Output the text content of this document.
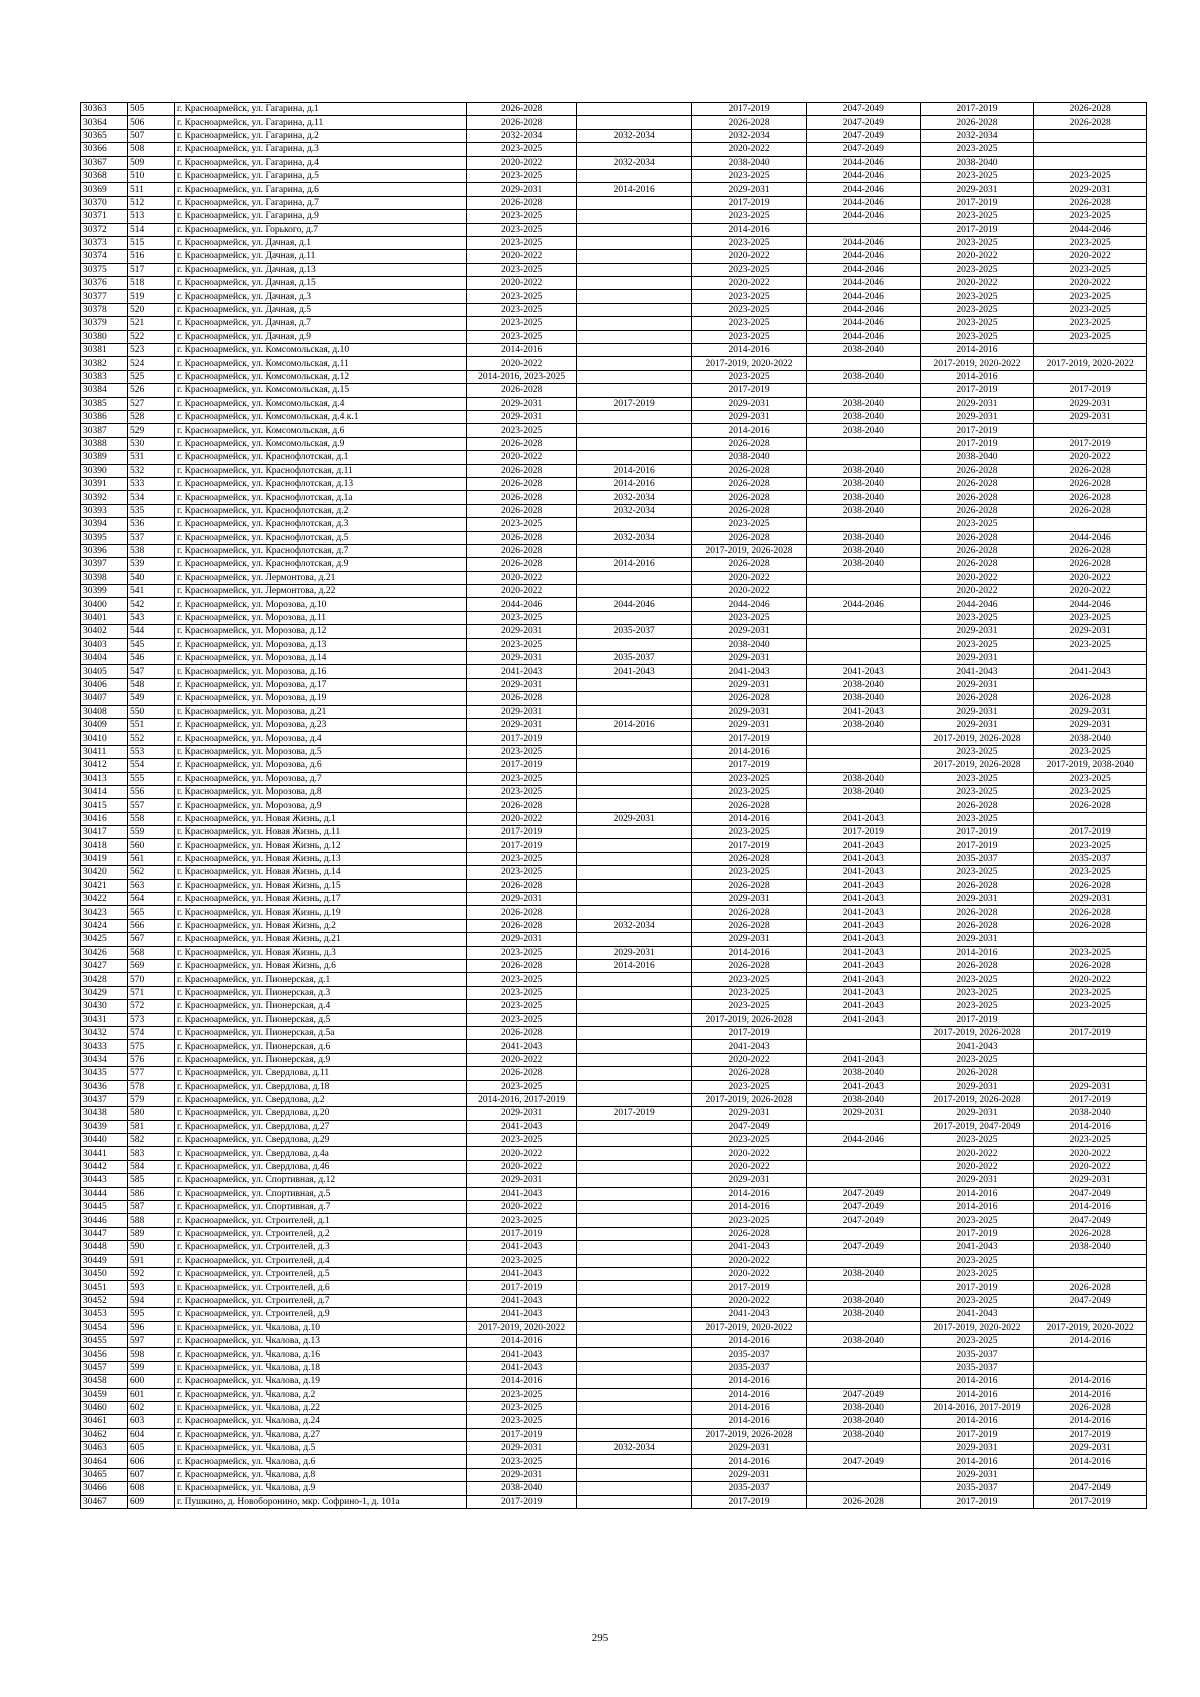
30363	505	г. Красноармейск, ул. Гагарина, д.1	2026-2028		2017-2019	2047-2049	2017-2019	2026-2028
30364	506	г. Красноармейск, ул. Гагарина, д.11	2026-2028		2026-2028	2047-2049	2026-2028	2026-2028
30365	507	г. Красноармейск, ул. Гагарина, д.2	2032-2034	2032-2034	2032-2034	2047-2049	2032-2034	
30366	508	г. Красноармейск, ул. Гагарина, д.3	2023-2025		2020-2022	2047-2049	2023-2025	
30367	509	г. Красноармейск, ул. Гагарина, д.4	2020-2022	2032-2034	2038-2040	2044-2046	2038-2040	
30368	510	г. Красноармейск, ул. Гагарина, д.5	2023-2025		2023-2025	2044-2046	2023-2025	2023-2025
30369	511	г. Красноармейск, ул. Гагарина, д.6	2029-2031	2014-2016	2029-2031	2044-2046	2029-2031	2029-2031
30370	512	г. Красноармейск, ул. Гагарина, д.7	2026-2028		2017-2019	2044-2046	2017-2019	2026-2028
30371	513	г. Красноармейск, ул. Гагарина, д.9	2023-2025		2023-2025	2044-2046	2023-2025	2023-2025
30372	514	г. Красноармейск, ул. Горького, д.7	2023-2025		2014-2016		2017-2019	2044-2046
30373	515	г. Красноармейск, ул. Дачная, д.1	2023-2025		2023-2025	2044-2046	2023-2025	2023-2025
30374	516	г. Красноармейск, ул. Дачная, д.11	2020-2022		2020-2022	2044-2046	2020-2022	2020-2022
30375	517	г. Красноармейск, ул. Дачная, д.13	2023-2025		2023-2025	2044-2046	2023-2025	2023-2025
30376	518	г. Красноармейск, ул. Дачная, д.15	2020-2022		2020-2022	2044-2046	2020-2022	2020-2022
30377	519	г. Красноармейск, ул. Дачная, д.3	2023-2025		2023-2025	2044-2046	2023-2025	2023-2025
30378	520	г. Красноармейск, ул. Дачная, д.5	2023-2025		2023-2025	2044-2046	2023-2025	2023-2025
30379	521	г. Красноармейск, ул. Дачная, д.7	2023-2025		2023-2025	2044-2046	2023-2025	2023-2025
30380	522	г. Красноармейск, ул. Дачная, д.9	2023-2025		2023-2025	2044-2046	2023-2025	2023-2025
30381	523	г. Красноармейск, ул. Комсомольская, д.10	2014-2016		2014-2016	2038-2040	2014-2016	
30382	524	г. Красноармейск, ул. Комсомольская, д.11	2020-2022		2017-2019, 2020-2022		2017-2019, 2020-2022	2017-2019, 2020-2022
30383	525	г. Красноармейск, ул. Комсомольская, д.12	2014-2016, 2023-2025		2023-2025	2038-2040	2014-2016	
30384	526	г. Красноармейск, ул. Комсомольская, д.15	2026-2028		2017-2019		2017-2019	2017-2019
30385	527	г. Красноармейск, ул. Комсомольская, д.4	2029-2031	2017-2019	2029-2031	2038-2040	2029-2031	2029-2031
30386	528	г. Красноармейск, ул. Комсомольская, д.4 к.1	2029-2031		2029-2031	2038-2040	2029-2031	2029-2031
30387	529	г. Красноармейск, ул. Комсомольская, д.6	2023-2025		2014-2016	2038-2040	2017-2019	
30388	530	г. Красноармейск, ул. Комсомольская, д.9	2026-2028		2026-2028		2017-2019	2017-2019
30389	531	г. Красноармейск, ул. Краснофлотская, д.1	2020-2022		2038-2040		2038-2040	2020-2022
30390	532	г. Красноармейск, ул. Краснофлотская, д.11	2026-2028	2014-2016	2026-2028	2038-2040	2026-2028	2026-2028
30391	533	г. Красноармейск, ул. Краснофлотская, д.13	2026-2028	2014-2016	2026-2028	2038-2040	2026-2028	2026-2028
30392	534	г. Красноармейск, ул. Краснофлотская, д.1а	2026-2028	2032-2034	2026-2028	2038-2040	2026-2028	2026-2028
30393	535	г. Красноармейск, ул. Краснофлотская, д.2	2026-2028	2032-2034	2026-2028	2038-2040	2026-2028	2026-2028
30394	536	г. Красноармейск, ул. Краснофлотская, д.3	2023-2025		2023-2025		2023-2025	
30395	537	г. Красноармейск, ул. Краснофлотская, д.5	2026-2028	2032-2034	2026-2028	2038-2040	2026-2028	2044-2046
30396	538	г. Красноармейск, ул. Краснофлотская, д.7	2026-2028		2017-2019, 2026-2028	2038-2040	2026-2028	2026-2028
30397	539	г. Красноармейск, ул. Краснофлотская, д.9	2026-2028	2014-2016	2026-2028	2038-2040	2026-2028	2026-2028
30398	540	г. Красноармейск, ул. Лермонтова, д.21	2020-2022		2020-2022		2020-2022	2020-2022
30399	541	г. Красноармейск, ул. Лермонтова, д.22	2020-2022		2020-2022		2020-2022	2020-2022
30400	542	г. Красноармейск, ул. Морозова, д.10	2044-2046	2044-2046	2044-2046	2044-2046	2044-2046	2044-2046
30401	543	г. Красноармейск, ул. Морозова, д.11	2023-2025		2023-2025		2023-2025	2023-2025
30402	544	г. Красноармейск, ул. Морозова, д.12	2029-2031	2035-2037	2029-2031		2029-2031	2029-2031
30403	545	г. Красноармейск, ул. Морозова, д.13	2023-2025		2038-2040		2023-2025	2023-2025
30404	546	г. Красноармейск, ул. Морозова, д.14	2029-2031	2035-2037	2029-2031		2029-2031	
30405	547	г. Красноармейск, ул. Морозова, д.16	2041-2043	2041-2043	2041-2043	2041-2043	2041-2043	2041-2043
30406	548	г. Красноармейск, ул. Морозова, д.17	2029-2031		2029-2031	2038-2040	2029-2031	
30407	549	г. Красноармейск, ул. Морозова, д.19	2026-2028		2026-2028	2038-2040	2026-2028	2026-2028
30408	550	г. Красноармейск, ул. Морозова, д.21	2029-2031		2029-2031	2041-2043	2029-2031	2029-2031
30409	551	г. Красноармейск, ул. Морозова, д.23	2029-2031	2014-2016	2029-2031	2038-2040	2029-2031	2029-2031
30410	552	г. Красноармейск, ул. Морозова, д.4	2017-2019		2017-2019		2017-2019, 2026-2028	2038-2040
30411	553	г. Красноармейск, ул. Морозова, д.5	2023-2025		2014-2016		2023-2025	2023-2025
30412	554	г. Красноармейск, ул. Морозова, д.6	2017-2019		2017-2019		2017-2019, 2026-2028	2017-2019, 2038-2040
30413	555	г. Красноармейск, ул. Морозова, д.7	2023-2025		2023-2025	2038-2040	2023-2025	2023-2025
30414	556	г. Красноармейск, ул. Морозова, д.8	2023-2025		2023-2025	2038-2040	2023-2025	2023-2025
30415	557	г. Красноармейск, ул. Морозова, д.9	2026-2028		2026-2028		2026-2028	2026-2028
30416	558	г. Красноармейск, ул. Новая Жизнь, д.1	2020-2022	2029-2031	2014-2016	2041-2043	2023-2025	
30417	559	г. Красноармейск, ул. Новая Жизнь, д.11	2017-2019		2023-2025	2017-2019	2017-2019	2017-2019
30418	560	г. Красноармейск, ул. Новая Жизнь, д.12	2017-2019		2017-2019	2041-2043	2017-2019	2023-2025
30419	561	г. Красноармейск, ул. Новая Жизнь, д.13	2023-2025		2026-2028	2041-2043	2035-2037	2035-2037
30420	562	г. Красноармейск, ул. Новая Жизнь, д.14	2023-2025		2023-2025	2041-2043	2023-2025	2023-2025
30421	563	г. Красноармейск, ул. Новая Жизнь, д.15	2026-2028		2026-2028	2041-2043	2026-2028	2026-2028
30422	564	г. Красноармейск, ул. Новая Жизнь, д.17	2029-2031		2029-2031	2041-2043	2029-2031	2029-2031
30423	565	г. Красноармейск, ул. Новая Жизнь, д.19	2026-2028		2026-2028	2041-2043	2026-2028	2026-2028
30424	566	г. Красноармейск, ул. Новая Жизнь, д.2	2026-2028	2032-2034	2026-2028	2041-2043	2026-2028	2026-2028
30425	567	г. Красноармейск, ул. Новая Жизнь, д.21	2029-2031		2029-2031	2041-2043	2029-2031	
30426	568	г. Красноармейск, ул. Новая Жизнь, д.3	2023-2025	2029-2031	2014-2016	2041-2043	2014-2016	2023-2025
30427	569	г. Красноармейск, ул. Новая Жизнь, д.6	2026-2028	2014-2016	2026-2028	2041-2043	2026-2028	2026-2028
30428	570	г. Красноармейск, ул. Пионерская, д.1	2023-2025		2023-2025	2041-2043	2023-2025	2020-2022
30429	571	г. Красноармейск, ул. Пионерская, д.3	2023-2025		2023-2025	2041-2043	2023-2025	2023-2025
30430	572	г. Красноармейск, ул. Пионерская, д.4	2023-2025		2023-2025	2041-2043	2023-2025	2023-2025
30431	573	г. Красноармейск, ул. Пионерская, д.5	2023-2025		2017-2019, 2026-2028	2041-2043	2017-2019	
30432	574	г. Красноармейск, ул. Пионерская, д.5а	2026-2028		2017-2019		2017-2019, 2026-2028	2017-2019
30433	575	г. Красноармейск, ул. Пионерская, д.6	2041-2043		2041-2043		2041-2043	
30434	576	г. Красноармейск, ул. Пионерская, д.9	2020-2022		2020-2022	2041-2043	2023-2025	
30435	577	г. Красноармейск, ул. Свердлова, д.11	2026-2028		2026-2028	2038-2040	2026-2028	
30436	578	г. Красноармейск, ул. Свердлова, д.18	2023-2025		2023-2025	2041-2043	2029-2031	2029-2031
30437	579	г. Красноармейск, ул. Свердлова, д.2	2014-2016, 2017-2019		2017-2019, 2026-2028	2038-2040	2017-2019, 2026-2028	2017-2019
30438	580	г. Красноармейск, ул. Свердлова, д.20	2029-2031	2017-2019	2029-2031	2029-2031	2029-2031	2038-2040
30439	581	г. Красноармейск, ул. Свердлова, д.27	2041-2043		2047-2049		2017-2019, 2047-2049	2014-2016
30440	582	г. Красноармейск, ул. Свердлова, д.29	2023-2025		2023-2025	2044-2046	2023-2025	2023-2025
30441	583	г. Красноармейск, ул. Свердлова, д.4а	2020-2022		2020-2022		2020-2022	2020-2022
30442	584	г. Красноармейск, ул. Свердлова, д.46	2020-2022		2020-2022		2020-2022	2020-2022
30443	585	г. Красноармейск, ул. Спортивная, д.12	2029-2031		2029-2031		2029-2031	2029-2031
30444	586	г. Красноармейск, ул. Спортивная, д.5	2041-2043		2014-2016	2047-2049	2014-2016	2047-2049
30445	587	г. Красноармейск, ул. Спортивная, д.7	2020-2022		2014-2016	2047-2049	2014-2016	2014-2016
30446	588	г. Красноармейск, ул. Строителей, д.1	2023-2025		2023-2025	2047-2049	2023-2025	2047-2049
30447	589	г. Красноармейск, ул. Строителей, д.2	2017-2019		2026-2028		2017-2019	2026-2028
30448	590	г. Красноармейск, ул. Строителей, д.3	2041-2043		2041-2043	2047-2049	2041-2043	2038-2040
30449	591	г. Красноармейск, ул. Строителей, д.4	2023-2025		2020-2022		2023-2025	
30450	592	г. Красноармейск, ул. Строителей, д.5	2041-2043		2020-2022	2038-2040	2023-2025	
30451	593	г. Красноармейск, ул. Строителей, д.6	2017-2019		2017-2019		2017-2019	2026-2028
30452	594	г. Красноармейск, ул. Строителей, д.7	2041-2043		2020-2022	2038-2040	2023-2025	2047-2049
30453	595	г. Красноармейск, ул. Строителей, д.9	2041-2043		2041-2043	2038-2040	2041-2043	
30454	596	г. Красноармейск, ул. Чкалова, д.10	2017-2019, 2020-2022		2017-2019, 2020-2022		2017-2019, 2020-2022	2017-2019, 2020-2022
30455	597	г. Красноармейск, ул. Чкалова, д.13	2014-2016		2014-2016	2038-2040	2023-2025	2014-2016
30456	598	г. Красноармейск, ул. Чкалова, д.16	2041-2043		2035-2037		2035-2037	
30457	599	г. Красноармейск, ул. Чкалова, д.18	2041-2043		2035-2037		2035-2037	
30458	600	г. Красноармейск, ул. Чкалова, д.19	2014-2016		2014-2016		2014-2016	2014-2016
30459	601	г. Красноармейск, ул. Чкалова, д.2	2023-2025		2014-2016	2047-2049	2014-2016	2014-2016
30460	602	г. Красноармейск, ул. Чкалова, д.22	2023-2025		2014-2016	2038-2040	2014-2016, 2017-2019	2026-2028
30461	603	г. Красноармейск, ул. Чкалова, д.24	2023-2025		2014-2016	2038-2040	2014-2016	2014-2016
30462	604	г. Красноармейск, ул. Чкалова, д.27	2017-2019		2017-2019, 2026-2028	2038-2040	2017-2019	2017-2019
30463	605	г. Красноармейск, ул. Чкалова, д.5	2029-2031	2032-2034	2029-2031		2029-2031	2029-2031
30464	606	г. Красноармейск, ул. Чкалова, д.6	2023-2025		2014-2016	2047-2049	2014-2016	2014-2016
30465	607	г. Красноармейск, ул. Чкалова, д.8	2029-2031		2029-2031		2029-2031	
30466	608	г. Красноармейск, ул. Чкалова, д.9	2038-2040		2035-2037		2035-2037	2047-2049
30467	609	г. Пушкино, д. Новоборонино, мкр. Софрино-1, д. 101а	2017-2019		2017-2019	2026-2028	2017-2019	2017-2019
295
